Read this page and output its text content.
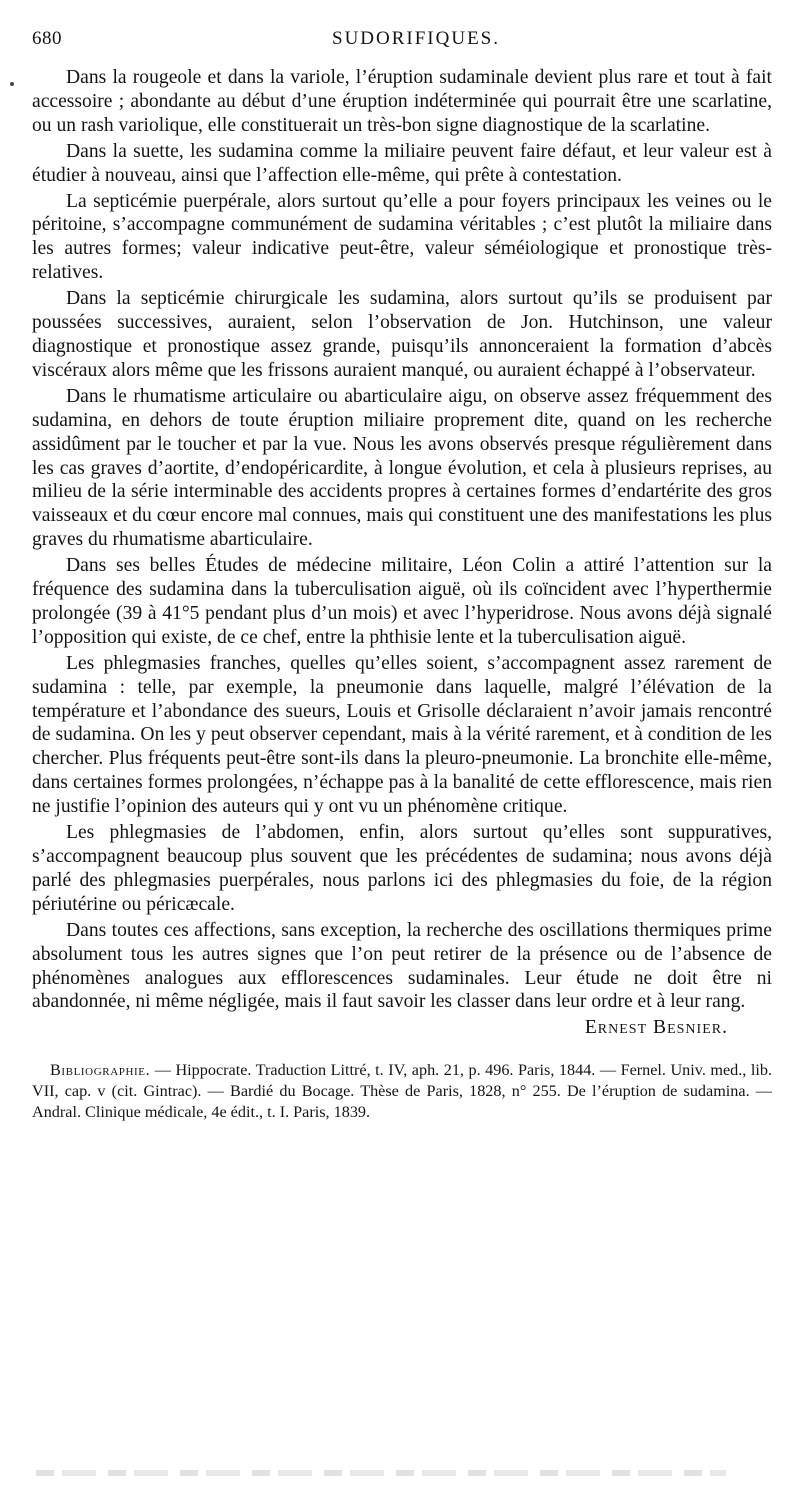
680	SUDORIFIQUES.

Dans la rougeole et dans la variole, l’éruption sudaminale devient plus rare et tout à fait accessoire ; abondante au début d’une éruption indéterminée qui pourrait être une scarlatine, ou un rash variolique, elle constituerait un très-bon signe diagnostique de la scarlatine.

Dans la suette, les sudamina comme la miliaire peuvent faire défaut, et leur valeur est à étudier à nouveau, ainsi que l’affection elle-même, qui prête à contestation.

La septicémie puerpérale, alors surtout qu’elle a pour foyers principaux les veines ou le péritoine, s’accompagne communément de sudamina véritables ; c’est plutôt la miliaire dans les autres formes; valeur indicative peut-être, valeur séméiologique et pronostique très-relatives.

Dans la septicémie chirurgicale les sudamina, alors surtout qu’ils se produisent par poussées successives, auraient, selon l’observation de Jon. Hutchinson, une valeur diagnostique et pronostique assez grande, puisqu’ils annonceraient la formation d’abcès viscéraux alors même que les frissons auraient manqué, ou auraient échappé à l’observateur.

Dans le rhumatisme articulaire ou abarticulaire aigu, on observe assez fréquemment des sudamina, en dehors de toute éruption miliaire proprement dite, quand on les recherche assidûment par le toucher et par la vue. Nous les avons observés presque régulièrement dans les cas graves d’aortite, d’endopéricardite, à longue évolution, et cela à plusieurs reprises, au milieu de la série interminable des accidents propres à certaines formes d’endartérite des gros vaisseaux et du cœur encore mal connues, mais qui constituent une des manifestations les plus graves du rhumatisme abarticulaire.

Dans ses belles Études de médecine militaire, Léon Colin a attiré l’attention sur la fréquence des sudamina dans la tuberculisation aiguë, où ils coïncident avec l’hyperthermie prolongée (39 à 41°5 pendant plus d’un mois) et avec l’hyperidrose. Nous avons déjà signalé l’opposition qui existe, de ce chef, entre la phthisie lente et la tuberculisation aiguë.

Les phlegmasies franches, quelles qu’elles soient, s’accompagnent assez rarement de sudamina : telle, par exemple, la pneumonie dans laquelle, malgré l’élévation de la température et l’abondance des sueurs, Louis et Grisolle déclaraient n’avoir jamais rencontré de sudamina. On les y peut observer cependant, mais à la vérité rarement, et à condition de les chercher. Plus fréquents peut-être sont-ils dans la pleuro-pneumonie. La bronchite elle-même, dans certaines formes prolongées, n’échappe pas à la banalité de cette efflorescence, mais rien ne justifie l’opinion des auteurs qui y ont vu un phénomène critique.

Les phlegmasies de l’abdomen, enfin, alors surtout qu’elles sont suppuratives, s’accompagnent beaucoup plus souvent que les précédentes de sudamina; nous avons déjà parlé des phlegmasies puerpérales, nous parlons ici des phlegmasies du foie, de la région périutérine ou péricæcale.

Dans toutes ces affections, sans exception, la recherche des oscillations thermiques prime absolument tous les autres signes que l’on peut retirer de la présence ou de l’absence de phénomènes analogues aux efflorescences sudaminales. Leur étude ne doit être ni abandonnée, ni même négligée, mais il faut savoir les classer dans leur ordre et à leur rang.

Ernest Besnier.
Bibliographie. — Hippocrate. Traduction Littré, t. IV, aph. 21, p. 496. Paris, 1844. — Fernel. Univ. med., lib. VII, cap. v (cit. Gintrac). — Bardié du Bocage. Thèse de Paris, 1828, n° 255. De l’éruption de sudamina. — Andral. Clinique médicale, 4e édit., t. I. Paris, 1839.
